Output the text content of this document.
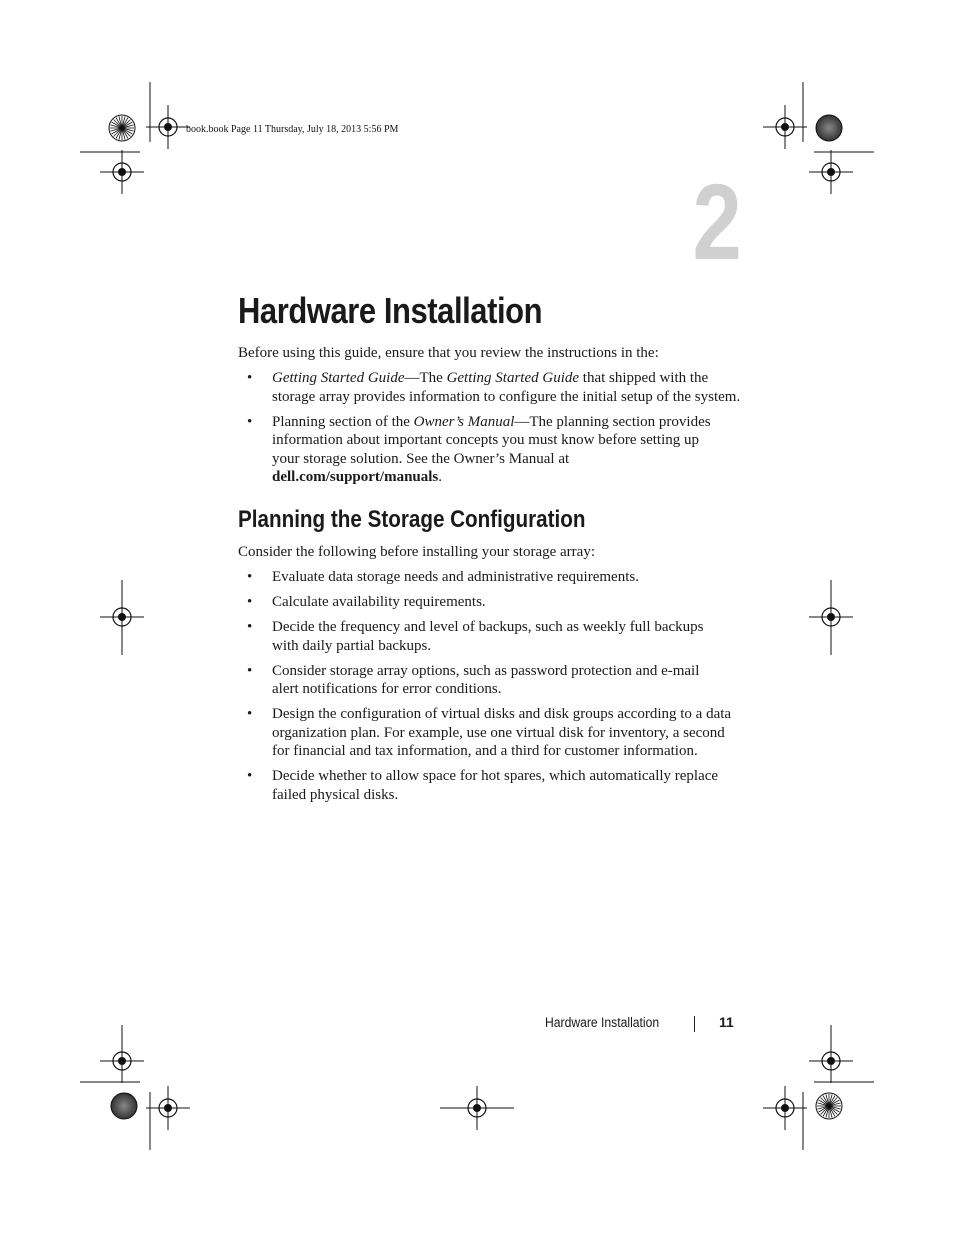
book.book Page 11 Thursday, July 18, 2013 5:56 PM
2
Hardware Installation

Before using this guide, ensure that you review the instructions in the:

• Getting Started Guide—The Getting Started Guide that shipped with the
storage array provides information to configure the initial setup of the system.
• Planning section of the Owner’s Manual—The planning section provides
information about important concepts you must know before setting up
your storage solution. See the Owner’s Manual at
dell.com/support/manuals.
Planning the Storage Configuration

Consider the following before installing your storage array:

• Evaluate data storage needs and administrative requirements.
• Calculate availability requirements.
• Decide the frequency and level of backups, such as weekly full backups
with daily partial backups.
• Consider storage array options, such as password protection and e-mail
alert notifications for error conditions.
• Design the configuration of virtual disks and disk groups according to a data
organization plan. For example, use one virtual disk for inventory, a second
for financial and tax information, and a third for customer information.
• Decide whether to allow space for hot spares, which automatically replace
failed physical disks.
Hardware Installation	11
